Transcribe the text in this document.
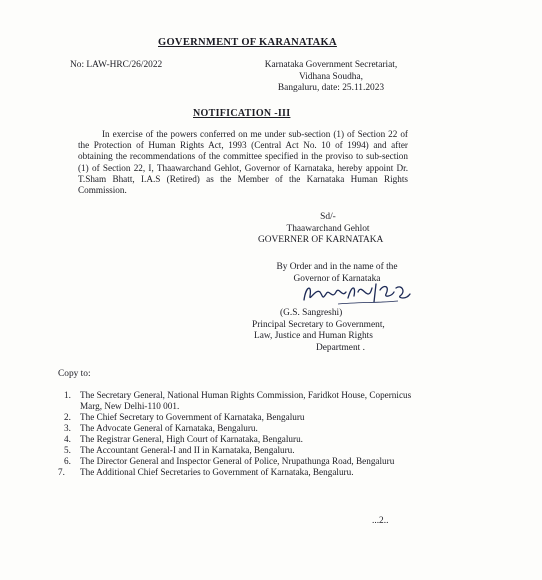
GOVERNMENT OF KARANATAKA
No: LAW-HRC/26/2022	Karnataka Government Secretariat,
Vidhana Soudha,
Bangaluru, date: 25.11.2023
NOTIFICATION -III
In exercise of the powers conferred on me under sub-section (1) of Section 22 of the Protection of Human Rights Act, 1993 (Central Act No. 10 of 1994) and after obtaining the recommendations of the committee specified in the proviso to sub-section (1) of Section 22, I, Thaawarchand Gehlot, Governor of Karnataka, hereby appoint Dr. T.Sham Bhatt, I.A.S (Retired) as the Member of the Karnataka Human Rights Commission.
Sd/-
Thaawarchand Gehlot
GOVERNER OF KARNATAKA
By Order and in the name of the
Governor of Karnataka
(G.S. Sangreshi)
Principal Secretary to Government,
Law, Justice and Human Rights
Department .
Copy to:
1. The Secretary General, National Human Rights Commission, Faridkot House, Copernicus Marg, New Delhi-110 001.
2. The Chief Secretary to Government of Karnataka, Bengaluru
3. The Advocate General of Karnataka, Bengaluru.
4. The Registrar General, High Court of Karnataka, Bengaluru.
5. The Accountant General-I and II in Karnataka, Bengaluru.
6. The Director General and Inspector General of Police, Nrupathunga Road, Bengaluru
7. The Additional Chief Secretaries to Government of Karnataka, Bengaluru.
...2..
